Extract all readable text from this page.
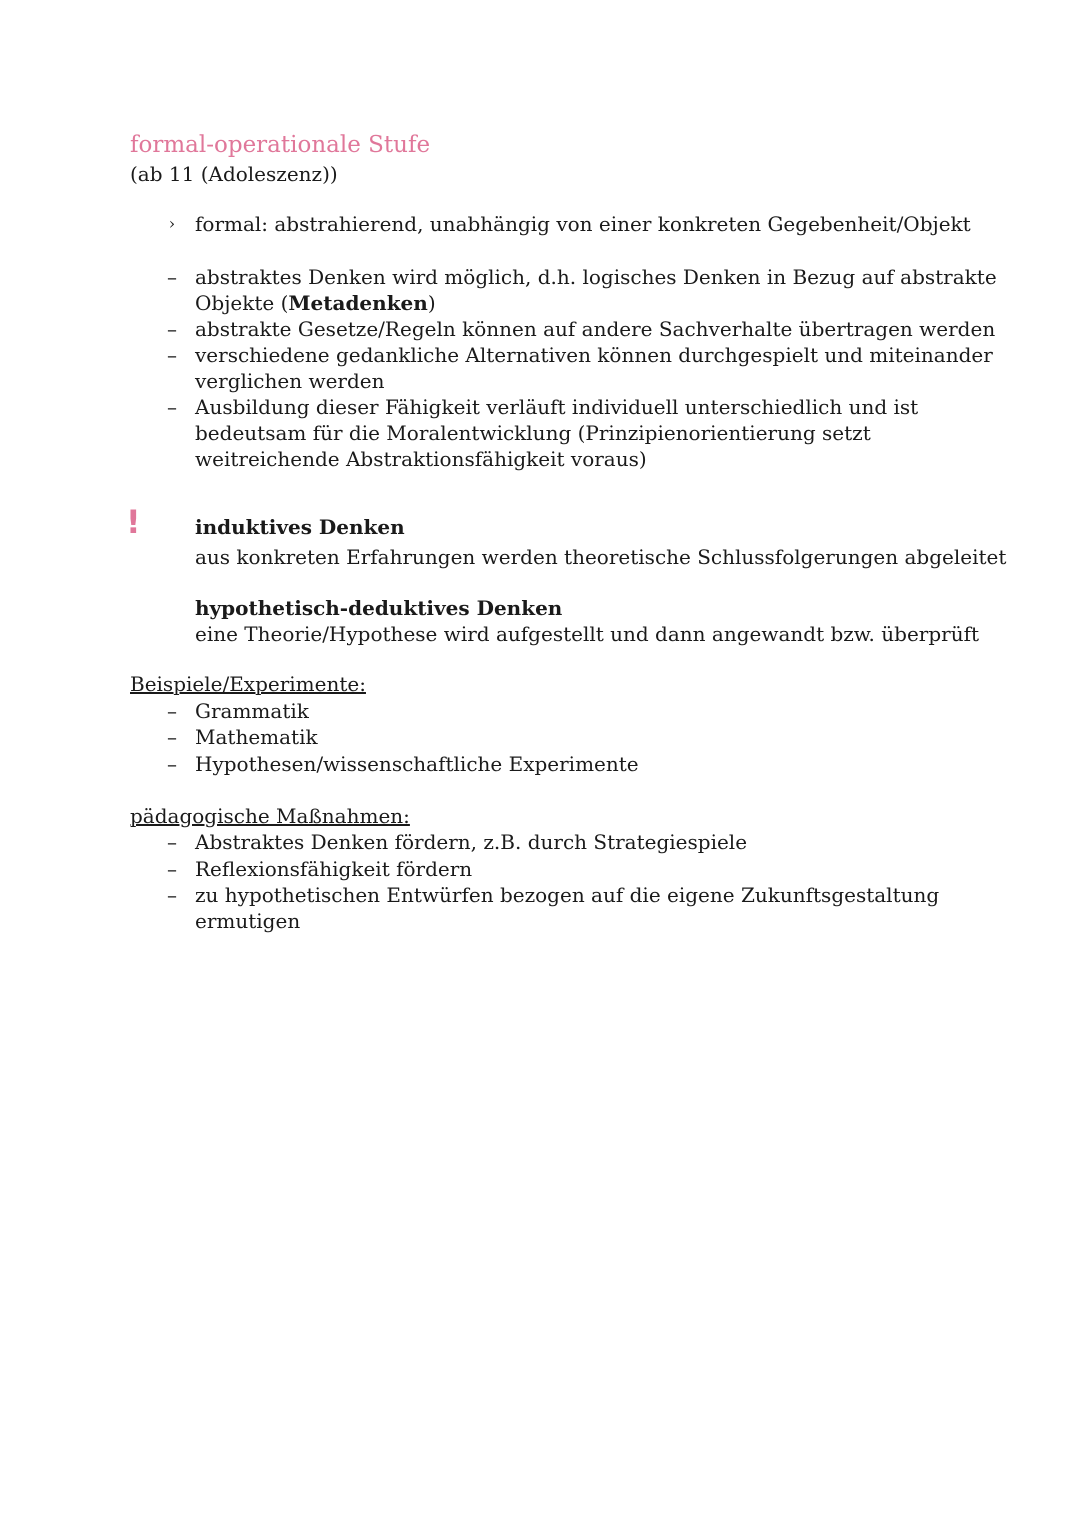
formal-operationale Stufe
(ab 11 (Adoleszenz))
› formal: abstrahierend, unabhängig von einer konkreten Gegebenheit/Objekt
–
abstraktes Denken wird möglich, d.h. logisches Denken in Bezug auf abstrakte
Objekte (Metadenken)
–
abstrakte Gesetze/Regeln können auf andere Sachverhalte übertragen werden
–
verschiedene gedankliche Alternativen können durchgespielt und miteinander
verglichen werden
–
Ausbildung dieser Fähigkeit verläuft individuell unterschiedlich und ist
bedeutsam für die Moralentwicklung (Prinzipienorientierung setzt
weitreichende Abstraktionsfähigkeit voraus)
!	induktives Denken
aus konkreten Erfahrungen werden theoretische Schlussfolgerungen abgeleitet
hypothetisch-deduktives Denken
eine Theorie/Hypothese wird aufgestellt und dann angewandt bzw. überprüft
Beispiele/Experimente:
–
Grammatik
–
Mathematik
–
Hypothesen/wissenschaftliche Experimente
pädagogische Maßnahmen:
–
Abstraktes Denken fördern, z.B. durch Strategiespiele
–
Reflexionsfähigkeit fördern
–
zu hypothetischen Entwürfen bezogen auf die eigene Zukunftsgestaltung
ermutigen
